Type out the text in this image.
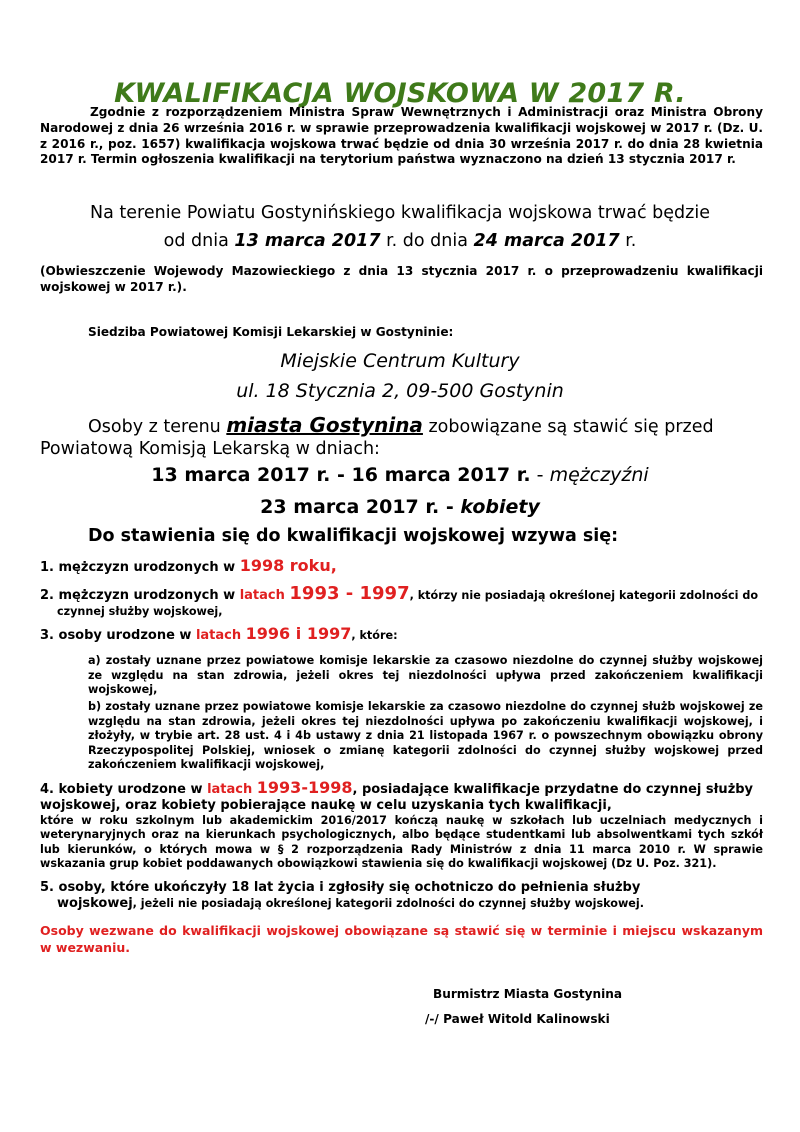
KWALIFIKACJA WOJSKOWA W 2017 R.
Zgodnie z rozporządzeniem Ministra Spraw Wewnętrznych i Administracji oraz Ministra Obrony Narodowej z dnia 26 września 2016 r. w sprawie przeprowadzenia kwalifikacji wojskowej w 2017 r. (Dz. U. z 2016 r., poz. 1657) kwalifikacja wojskowa trwać będzie od dnia 30 września 2017 r. do dnia 28 kwietnia 2017 r. Termin ogłoszenia kwalifikacji na terytorium państwa wyznaczono na dzień 13 stycznia 2017 r.
Na terenie Powiatu Gostynińskiego kwalifikacja wojskowa trwać będzie
od dnia 13 marca 2017 r. do dnia 24 marca 2017 r.
(Obwieszczenie Wojewody Mazowieckiego z dnia 13 stycznia 2017 r. o przeprowadzeniu kwalifikacji wojskowej w 2017 r.).
Siedziba Powiatowej Komisji Lekarskiej w Gostyninie:
Miejskie Centrum Kultury
ul. 18 Stycznia 2, 09-500 Gostynin
Osoby z terenu miasta Gostynina zobowiązane są stawić się przed
Powiatową Komisją Lekarską w dniach:
13 marca 2017 r. - 16 marca 2017 r. - mężczyźni
23 marca 2017 r. - kobiety
Do stawienia się do kwalifikacji wojskowej wzywa się:
1. mężczyzn urodzonych w 1998 roku,
2. mężczyzn urodzonych w latach 1993 - 1997, którzy nie posiadają określonej kategorii zdolności do
czynnej służby wojskowej,
3. osoby urodzone w latach 1996 i 1997, które:
a) zostały uznane przez powiatowe komisje lekarskie za czasowo niezdolne do czynnej służby wojskowej ze względu na stan zdrowia, jeżeli okres tej niezdolności upływa przed zakończeniem kwalifikacji wojskowej,
b) zostały uznane przez powiatowe komisje lekarskie za czasowo niezdolne do czynnej służb wojskowej ze względu na stan zdrowia, jeżeli okres tej niezdolności upływa po zakończeniu kwalifikacji wojskowej, i złożyły, w trybie art. 28 ust. 4 i 4b ustawy z dnia 21 listopada 1967 r. o powszechnym obowiązku obrony Rzeczypospolitej Polskiej, wniosek o zmianę kategorii zdolności do czynnej służby wojskowej przed zakończeniem kwalifikacji wojskowej,
4. kobiety urodzone w latach 1993-1998, posiadające kwalifikacje przydatne do czynnej służby wojskowej, oraz kobiety pobierające naukę w celu uzyskania tych kwalifikacji,
które w roku szkolnym lub akademickim 2016/2017 kończą naukę w szkołach lub uczelniach medycznych i weterynaryjnych oraz na kierunkach psychologicznych, albo będące studentkami lub absolwentkami tych szkół lub kierunków, o których mowa w § 2 rozporządzenia Rady Ministrów z dnia 11 marca 2010 r. W sprawie wskazania grup kobiet poddawanych obowiązkowi stawienia się do kwalifikacji wojskowej (Dz U. Poz. 321).
5. osoby, które ukończyły 18 lat życia i zgłosiły się ochotniczo do pełnienia służby
wojskowej, jeżeli nie posiadają określonej kategorii zdolności do czynnej służby wojskowej.
Osoby wezwane do kwalifikacji wojskowej obowiązane są stawić się w terminie i miejscu wskazanym w wezwaniu.
Burmistrz Miasta Gostynina
/-/ Paweł Witold Kalinowski
